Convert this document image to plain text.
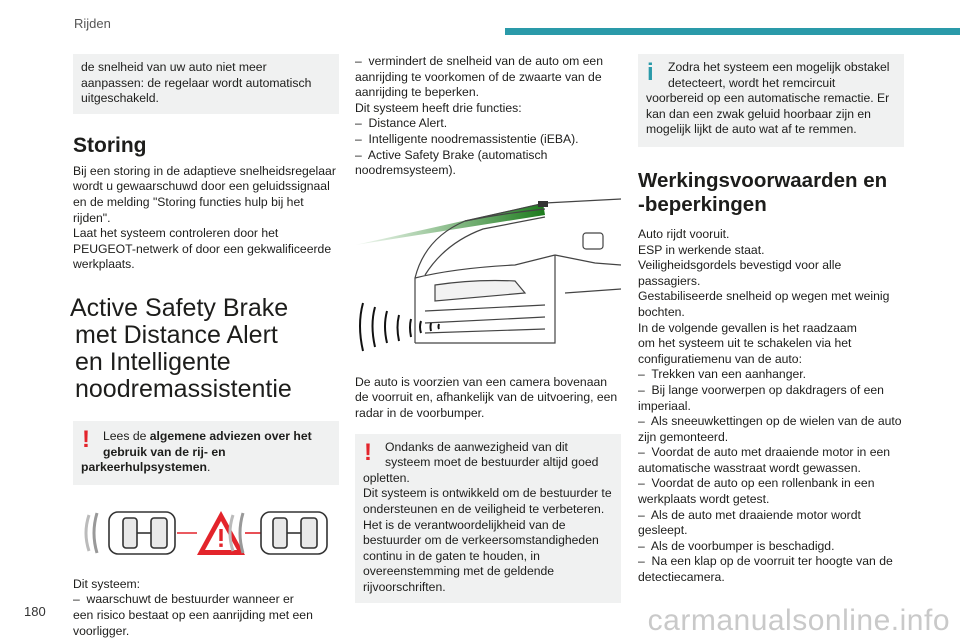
Rijden
de snelheid van uw auto niet meer
aanpassen: de regelaar wordt automatisch
uitgeschakeld.
Storing
Bij een storing in de adaptieve snelheidsregelaar
wordt u gewaarschuwd door een geluidssignaal
en de melding "Storing functies hulp bij het
rijden".
Laat het systeem controleren door het
PEUGEOT-netwerk of door een gekwalificeerde
werkplaats.
Active Safety Brake
met Distance Alert
en Intelligente
noodremassistentie
!	Lees de algemene adviezen over het
gebruik van de rij- en
parkeerhulpsystemen.
Dit systeem:
–  waarschuwt de bestuurder wanneer er
een risico bestaat op een aanrijding met een
voorligger.
–  vermindert de snelheid van de auto om een
aanrijding te voorkomen of de zwaarte van de
aanrijding te beperken.
Dit systeem heeft drie functies:
–  Distance Alert.
–  Intelligente noodremassistentie (iEBA).
–  Active Safety Brake (automatisch
noodremsysteem).
De auto is voorzien van een camera bovenaan
de voorruit en, afhankelijk van de uitvoering, een
radar in de voorbumper.
! Ondanks de aanwezigheid van dit
systeem moet de bestuurder altijd goed
opletten.
Dit systeem is ontwikkeld om de bestuurder te
ondersteunen en de veiligheid te verbeteren.
Het is de verantwoordelijkheid van de
bestuurder om de verkeersomstandigheden
continu in de gaten te houden, in
overeenstemming met de geldende
rijvoorschriften.
i Zodra het systeem een mogelijk obstakel
detecteert, wordt het remcircuit
voorbereid op een automatische remactie. Er
kan dan een zwak geluid hoorbaar zijn en
mogelijk lijkt de auto wat af te remmen.
Werkingsvoorwaarden en
-beperkingen
Auto rijdt vooruit.
ESP in werkende staat.
Veiligheidsgordels bevestigd voor alle
passagiers.
Gestabiliseerde snelheid op wegen met weinig
bochten.
In de volgende gevallen is het raadzaam
om het systeem uit te schakelen via het
configuratiemenu van de auto:
–  Trekken van een aanhanger.
–  Bij lange voorwerpen op dakdragers of een
imperiaal.
–  Als sneeuwkettingen op de wielen van de auto
zijn gemonteerd.
–  Voordat de auto met draaiende motor in een
automatische wasstraat wordt gewassen.
–  Voordat de auto op een rollenbank in een
werkplaats wordt getest.
–  Als de auto met draaiende motor wordt
gesleept.
–  Als de voorbumper is beschadigd.
–  Na een klap op de voorruit ter hoogte van de
detectiecamera.
180	carmanualsonline.info
